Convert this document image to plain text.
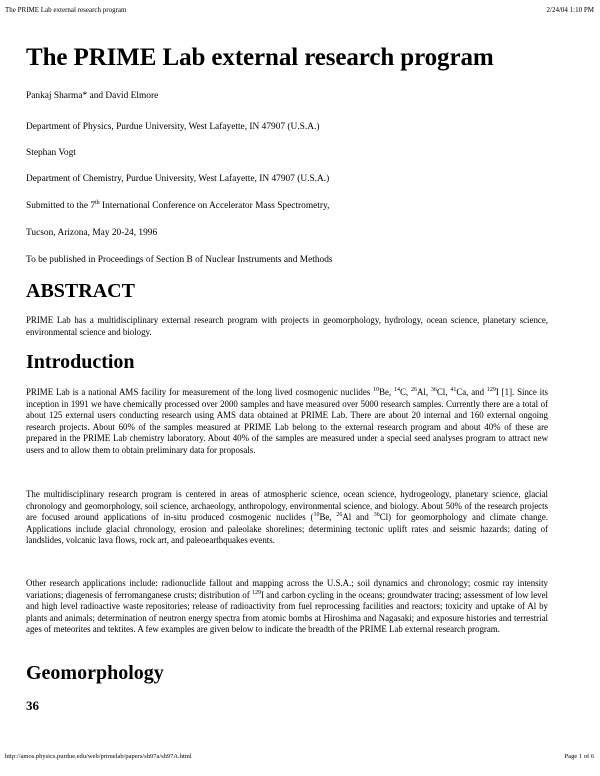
The PRIME Lab external research program	2/24/04 1:10 PM
The PRIME Lab external research program
Pankaj Sharma* and David Elmore
Department of Physics, Purdue University, West Lafayette, IN 47907 (U.S.A.)
Stephan Vogt
Department of Chemistry, Purdue University, West Lafayette, IN 47907 (U.S.A.)
Submitted to the 7th International Conference on Accelerator Mass Spectrometry,
Tucson, Arizona, May 20-24, 1996
To be published in Proceedings of Section B of Nuclear Instruments and Methods
ABSTRACT

PRIME Lab has a multidisciplinary external research program with projects in geomorphology, hydrology, ocean science, planetary science, environmental science and biology.

Introduction

PRIME Lab is a national AMS facility for measurement of the long lived cosmogenic nuclides $^{10}$Be, $^{14}$C, $^{26}$Al, $^{36}$Cl, $^{41}$Ca, and $^{129}$I [1]. Since its inception in 1991 we have chemically processed over 2000 samples and have measured over 5000 research samples. Currently there are a total of about 125 external users conducting research using AMS data obtained at PRIME Lab. There are about 20 internal and 160 external ongoing research projects. About 60% of the samples measured at PRIME Lab belong to the external research program and about 40% of these are prepared in the PRIME Lab chemistry laboratory. About 40% of the samples are measured under a special seed analyses program to attract new users and to allow them to obtain preliminary data for proposals.

The multidisciplinary research program is centered in areas of atmospheric science, ocean science, hydrogeology, planetary science, glacial chronology and geomorphology, soil science, archaeology, anthropology, environmental science, and biology. About 50% of the research projects are focused around applications of in-situ produced cosmogenic nuclides ($^{10}$Be, $^{26}$Al and $^{36}$Cl) for geomorphology and climate change. Applications include glacial chronology, erosion and paleolake shorelines; determining tectonic uplift rates and seismic hazards; dating of landslides, volcanic lava flows, rock art, and paleoearthquakes events.

Other research applications include: radionuclide fallout and mapping across the U.S.A.; soil dynamics and chronology; cosmic ray intensity variations; diagenesis of ferromanganese crusts; distribution of $^{129}$I and carbon cycling in the oceans; groundwater tracing; assessment of low level and high level radioactive waste repositories; release of radioactivity from fuel reprocessing facilities and reactors; toxicity and uptake of Al by plants and animals; determination of neutron energy spectra from atomic bombs at Hiroshima and Nagasaki; and exposure histories and terrestrial ages of meteorites and tektites. A few examples are given below to indicate the breadth of the PRIME Lab external research program.

Geomorphology
36
http://amos.physics.purdue.edu/web/primelab/papers/sh97a/sh97A.html	Page 1 of 6
